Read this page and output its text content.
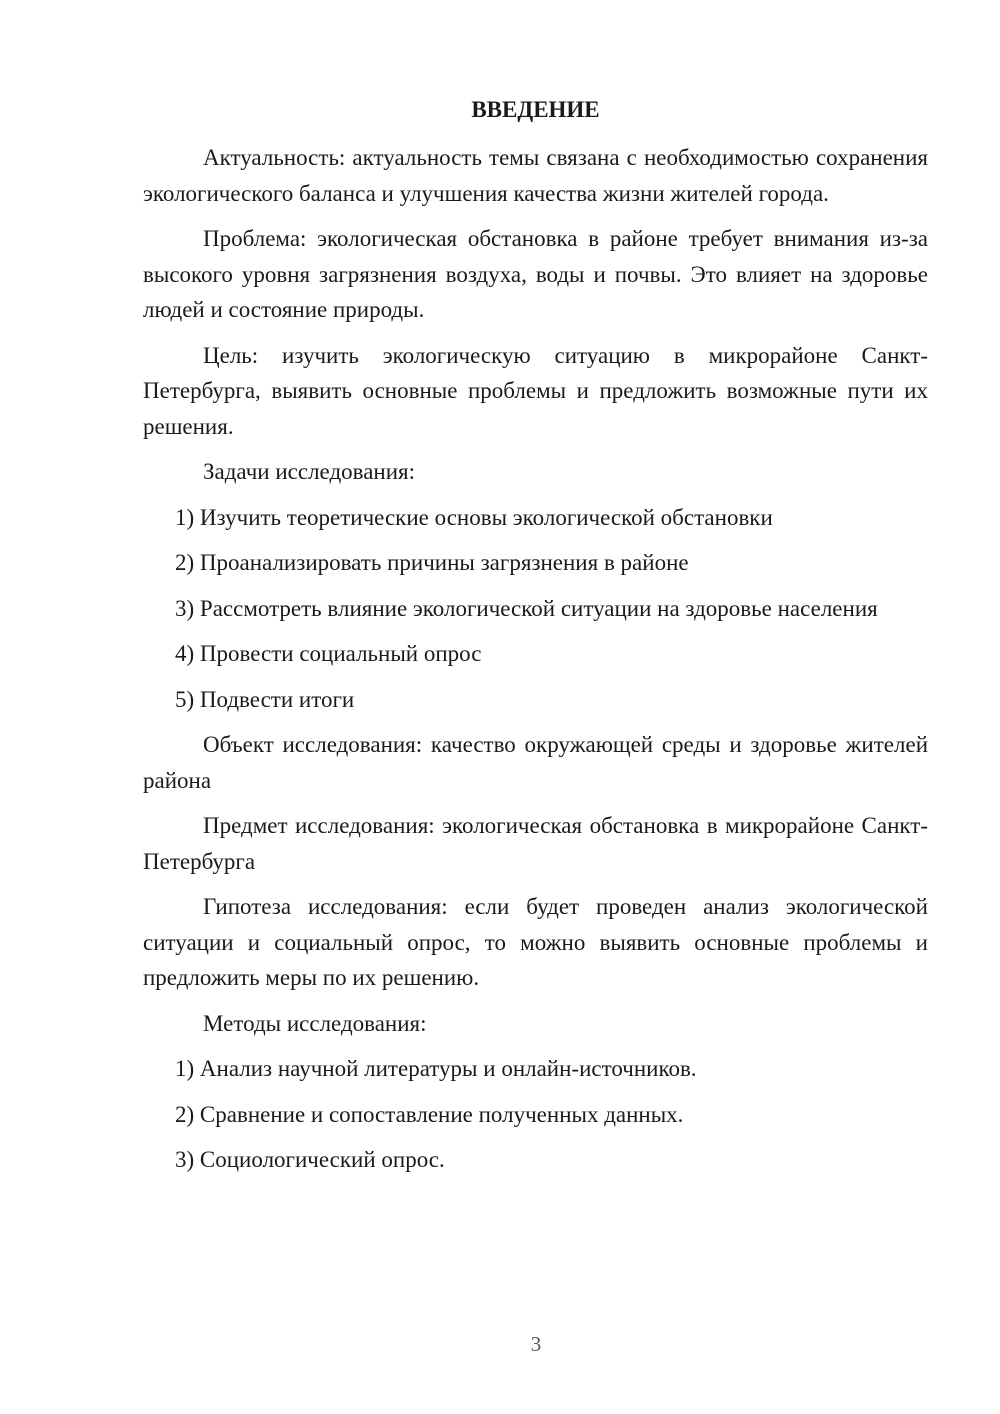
ВВЕДЕНИЕ

Актуальность: актуальность темы связана с необходимостью сохранения экологического баланса и улучшения качества жизни жителей города.

Проблема: экологическая обстановка в районе требует внимания из-за высокого уровня загрязнения воздуха, воды и почвы. Это влияет на здоровье людей и состояние природы.

Цель: изучить экологическую ситуацию в микрорайоне Санкт-Петербурга, выявить основные проблемы и предложить возможные пути их решения.

Задачи исследования:

1) Изучить теоретические основы экологической обстановки

2) Проанализировать причины загрязнения в районе

3) Рассмотреть влияние экологической ситуации на здоровье населения

4) Провести социальный опрос

5) Подвести итоги

Объект исследования: качество окружающей среды и здоровье жителей района

Предмет исследования: экологическая обстановка в микрорайоне Санкт-Петербурга

Гипотеза исследования: если будет проведен анализ экологической ситуации и социальный опрос, то можно выявить основные проблемы и предложить меры по их решению.

Методы исследования:

1) Анализ научной литературы и онлайн-источников.

2) Сравнение и сопоставление полученных данных.

3) Социологический опрос.

3
